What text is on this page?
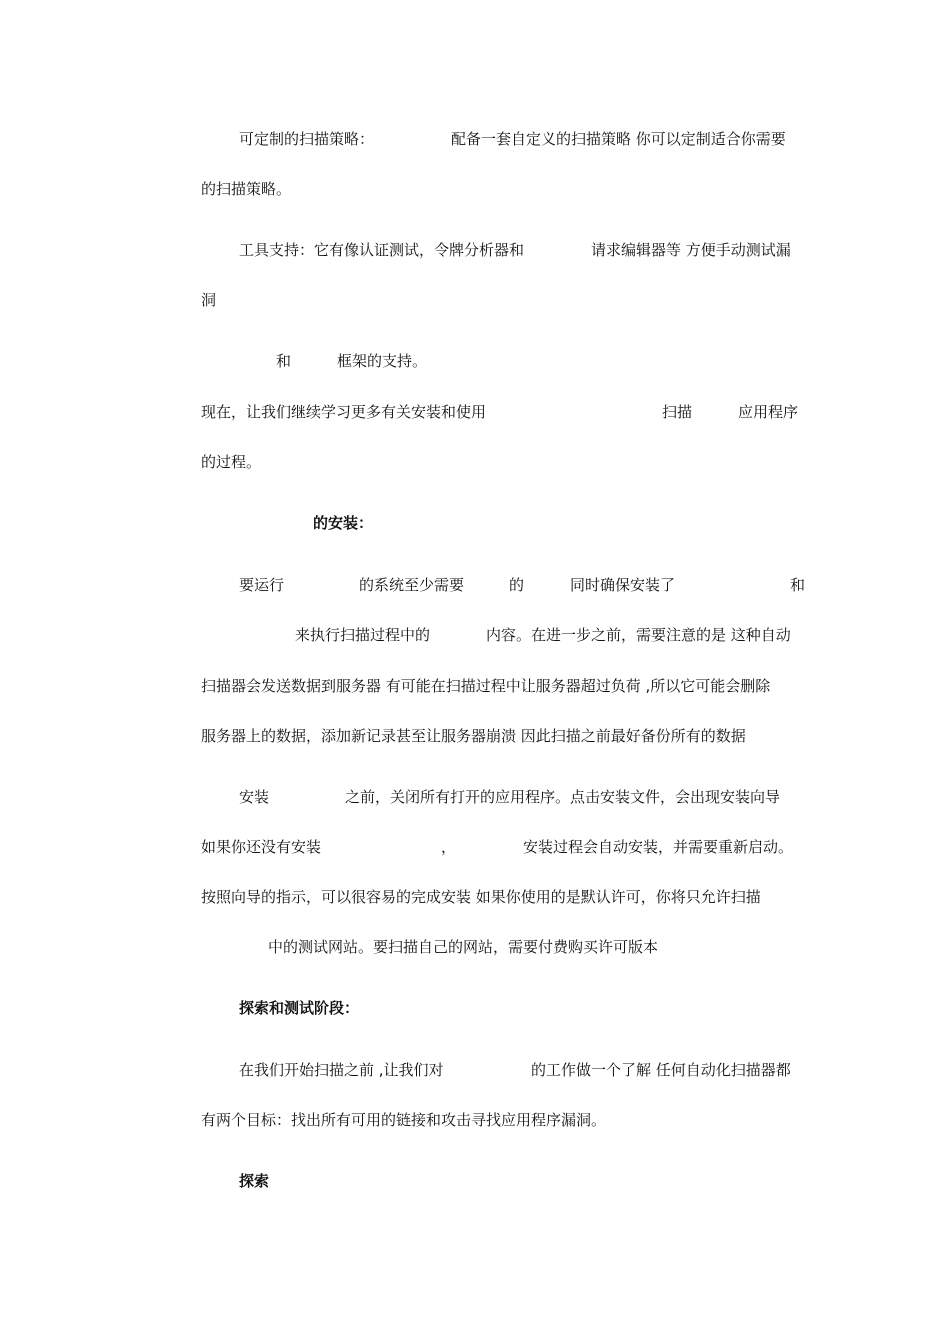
可定制的扫描策略：	配备一套自定义的扫描策略 你可以定制适合你需要
的扫描策略。
工具支持：它有像认证测试，令牌分析器和	请求编辑器等 方便手动测试漏
洞
和	框架的支持。
现在，让我们继续学习更多有关安装和使用	扫描	应用程序
的过程。
的安装：
要运行	的系统至少需要	的	同时确保安装了	和
来执行扫描过程中的	内容。在进一步之前，需要注意的是 这种自动
扫描器会发送数据到服务器 有可能在扫描过程中让服务器超过负荷 ,所以它可能会删除
服务器上的数据，添加新记录甚至让服务器崩溃 因此扫描之前最好备份所有的数据
安装	之前，关闭所有打开的应用程序。点击安装文件，会出现安装向导
如果你还没有安装	，	安装过程会自动安装，并需要重新启动。
按照向导的指示，可以很容易的完成安装 如果你使用的是默认许可，你将只允许扫描
中的测试网站。要扫描自己的网站，需要付费购买许可版本
探索和测试阶段：
在我们开始扫描之前 ,让我们对	的工作做一个了解 任何自动化扫描器都
有两个目标：找出所有可用的链接和攻击寻找应用程序漏洞。
探索
